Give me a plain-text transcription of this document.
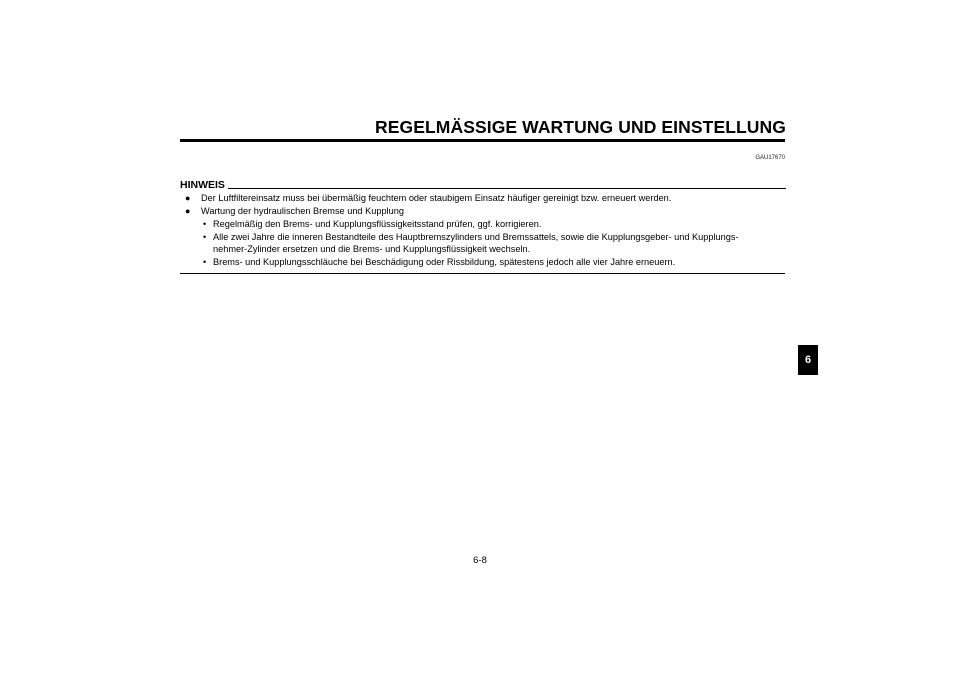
REGELMÄSSIGE WARTUNG UND EINSTELLUNG
GAU17670
HINWEIS
● Der Luftfiltereinsatz muss bei übermäßig feuchtem oder staubigem Einsatz häufiger gereinigt bzw. erneuert werden.
● Wartung der hydraulischen Bremse und Kupplung
• Regelmäßig den Brems- und Kupplungsflüssigkeitsstand prüfen, ggf. korrigieren.
• Alle zwei Jahre die inneren Bestandteile des Hauptbremszylinders und Bremssattels, sowie die Kupplungsgeber- und Kupplungs-
nehmer-Zylinder ersetzen und die Brems- und Kupplungsflüssigkeit wechseln.
• Brems- und Kupplungsschläuche bei Beschädigung oder Rissbildung, spätestens jedoch alle vier Jahre erneuern.
6
6-8
